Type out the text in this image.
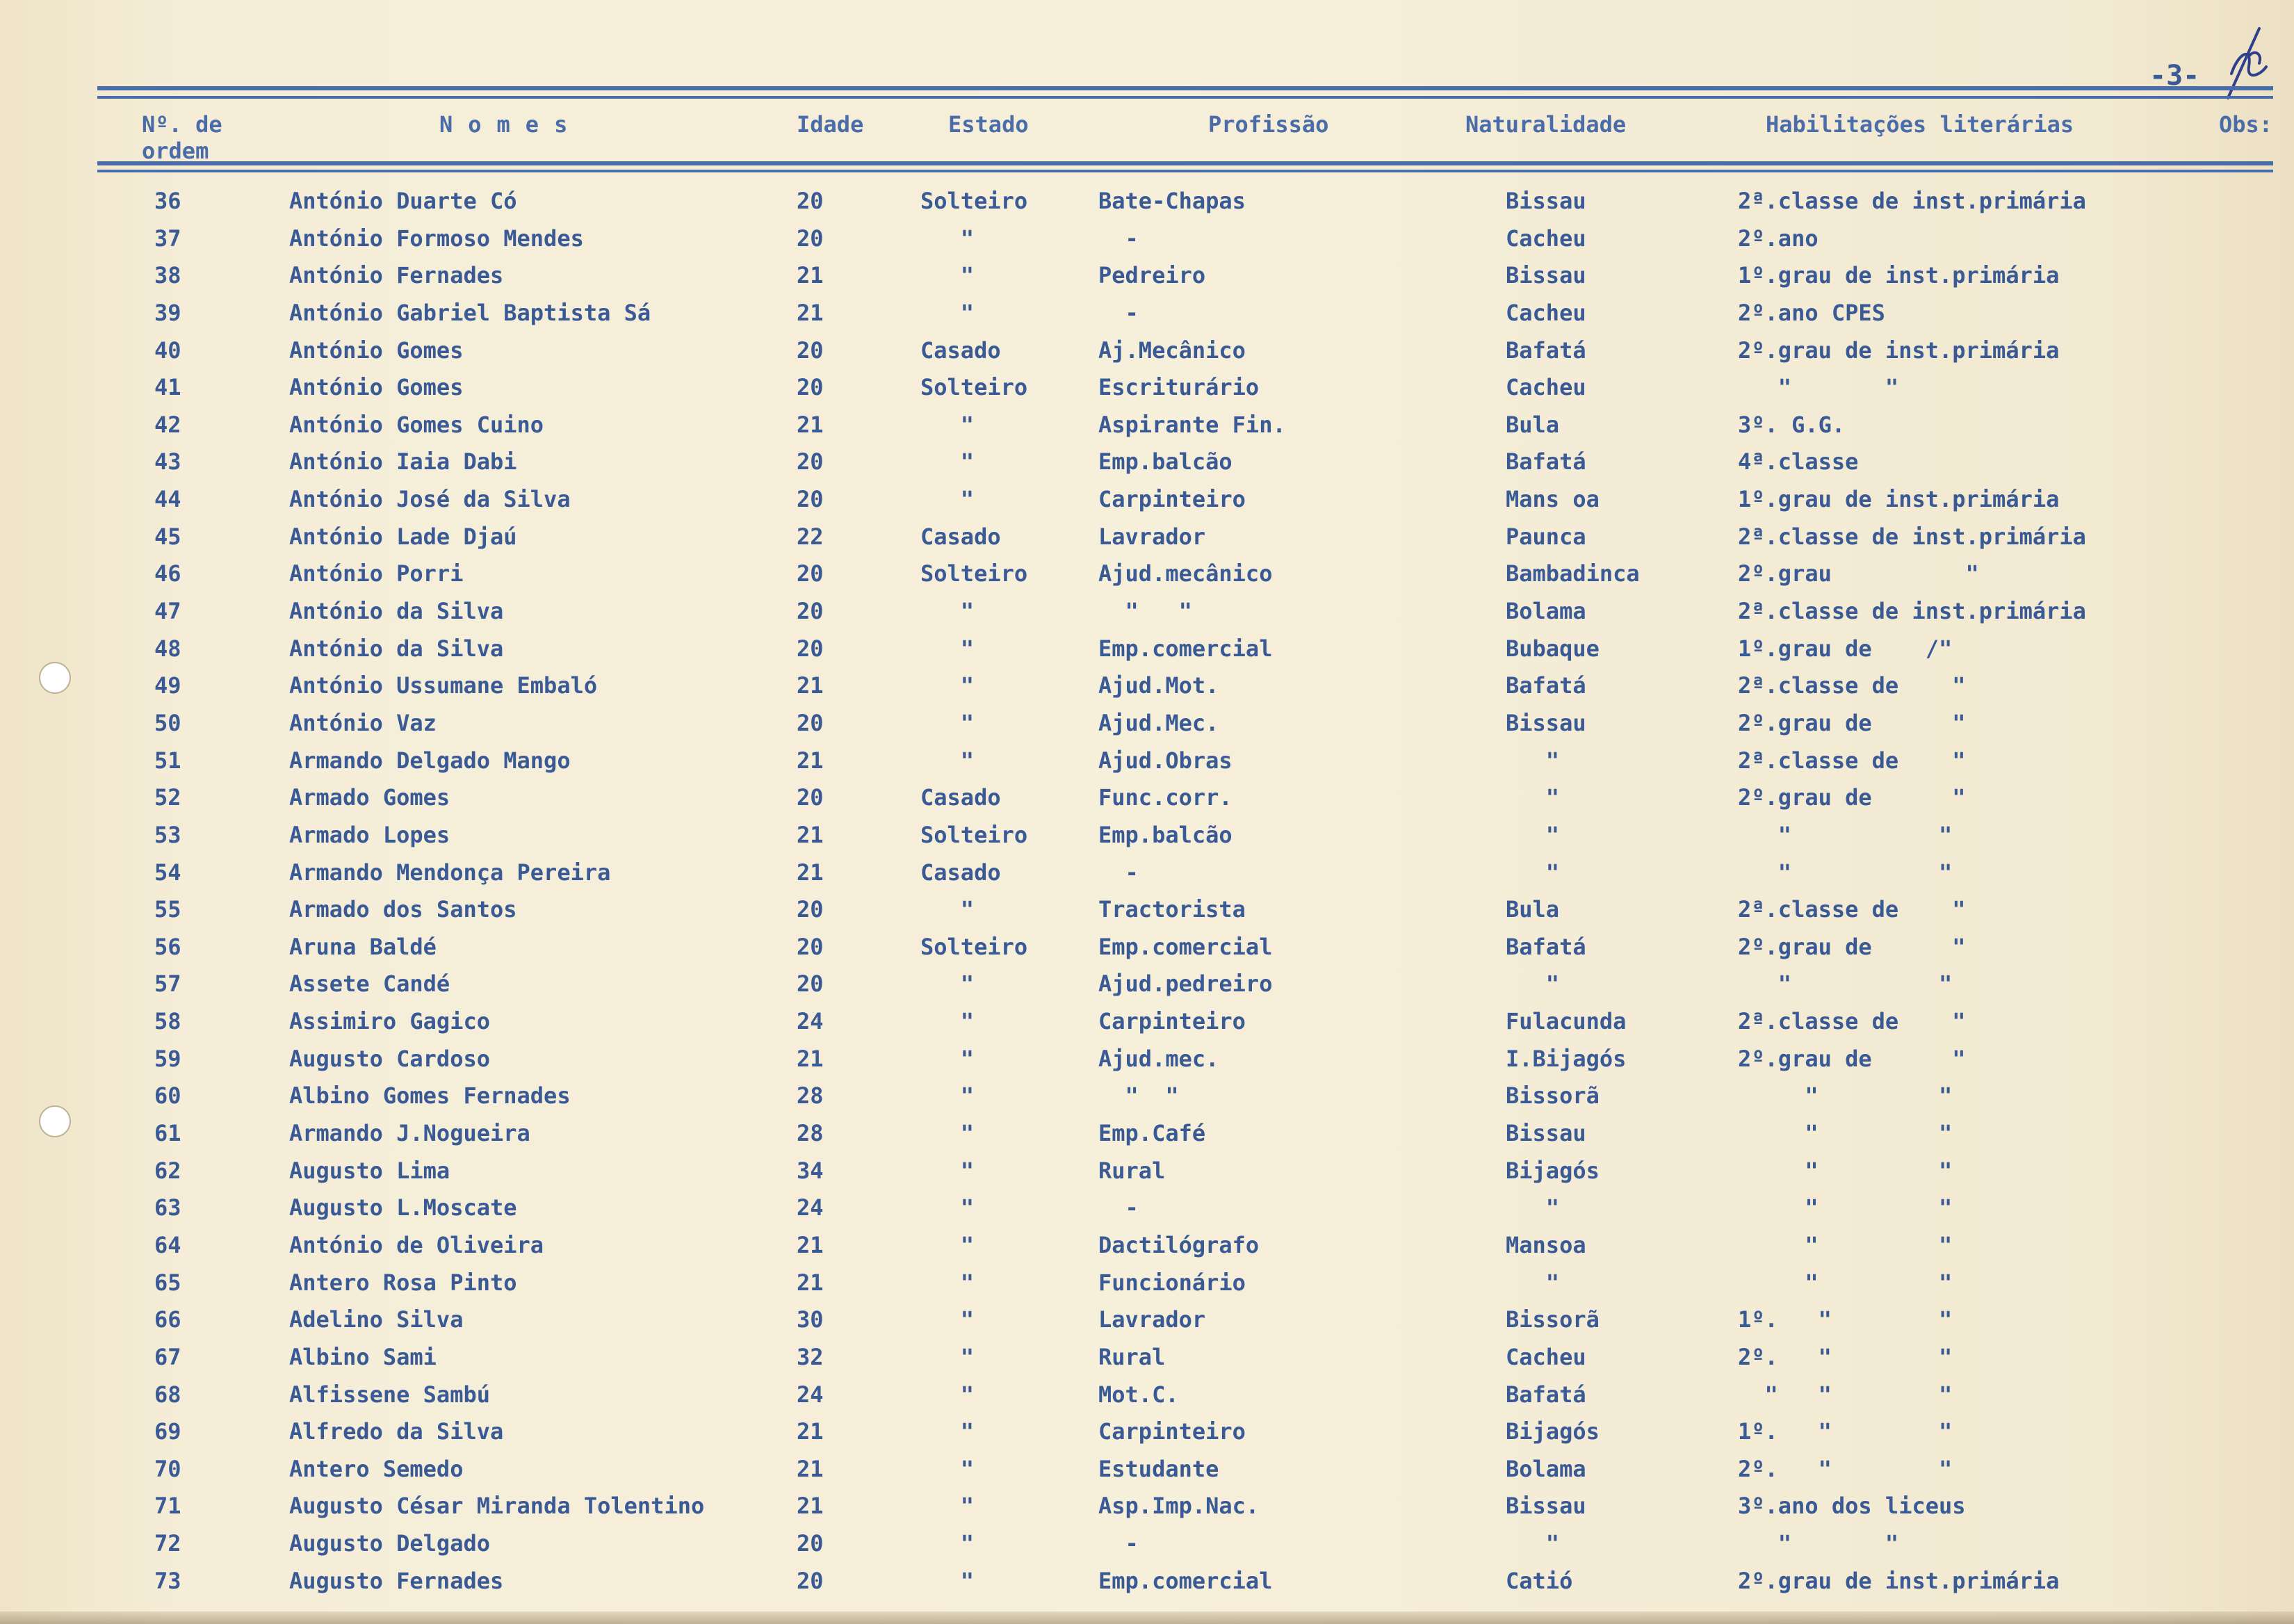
-3-
Nº. de
ordem
Nomes	Idade	Estado	Profissão	Naturalidade	Habilitações literárias	Obs:
36	António Duarte Có	20	Solteiro	Bate-Chapas	Bissau	2ª.classe de inst.primária
37	António Formoso Mendes	20	"	-	Cacheu	2º.ano
38	António Fernades	21	"	Pedreiro	Bissau	1º.grau de inst.primária
39	António Gabriel Baptista Sá	21	"	-	Cacheu	2º.ano CPES
40	António Gomes	20	Casado	Aj.Mecânico	Bafatá	2º.grau de inst.primária
41	António Gomes	20	Solteiro	Escriturário	Cacheu	"       "
42	António Gomes Cuino	21	"	Aspirante Fin.	Bula	3º. G.G.
43	António Iaia Dabi	20	"	Emp.balcão	Bafatá	4ª.classe
44	António José da Silva	20	"	Carpinteiro	Mans oa	1º.grau de inst.primária
45	António Lade Djaú	22	Casado	Lavrador	Paunca	2ª.classe de inst.primária
46	António Porri	20	Solteiro	Ajud.mecânico	Bambadinca	2º.grau          "
47	António da Silva	20	"	"   "	Bolama	2ª.classe de inst.primária
48	António da Silva	20	"	Emp.comercial	Bubaque	1º.grau de    /"
49	António Ussumane Embaló	21	"	Ajud.Mot.	Bafatá	2ª.classe de    "
50	António Vaz	20	"	Ajud.Mec.	Bissau	2º.grau de      "
51	Armando Delgado Mango	21	"	Ajud.Obras	"	2ª.classe de    "
52	Armado Gomes	20	Casado	Func.corr.	"	2º.grau de      "
53	Armado Lopes	21	Solteiro	Emp.balcão	"	"           "
54	Armando Mendonça Pereira	21	Casado	-	"	"           "
55	Armado dos Santos	20	"	Tractorista	Bula	2ª.classe de    "
56	Aruna Baldé	20	Solteiro	Emp.comercial	Bafatá	2º.grau de      "
57	Assete Candé	20	"	Ajud.pedreiro	"	"           "
58	Assimiro Gagico	24	"	Carpinteiro	Fulacunda	2ª.classe de    "
59	Augusto Cardoso	21	"	Ajud.mec.	I.Bijagós	2º.grau de      "
60	Albino Gomes Fernades	28	"	"  "	Bissorã	"         "
61	Armando J.Nogueira	28	"	Emp.Café	Bissau	"         "
62	Augusto Lima	34	"	Rural	Bijagós	"         "
63	Augusto L.Moscate	24	"	-	"	"         "
64	António de Oliveira	21	"	Dactilógrafo	Mansoa	"         "
65	Antero Rosa Pinto	21	"	Funcionário	"	"         "
66	Adelino Silva	30	"	Lavrador	Bissorã	1º.   "        "
67	Albino Sami	32	"	Rural	Cacheu	2º.   "        "
68	Alfissene Sambú	24	"	Mot.C.	Bafatá	"   "        "
69	Alfredo da Silva	21	"	Carpinteiro	Bijagós	1º.   "        "
70	Antero Semedo	21	"	Estudante	Bolama	2º.   "        "
71	Augusto César Miranda Tolentino	21	"	Asp.Imp.Nac.	Bissau	3º.ano dos liceus
72	Augusto Delgado	20	"	-	"	"       "
73	Augusto Fernades	20	"	Emp.comercial	Catió	2º.grau de inst.primária
